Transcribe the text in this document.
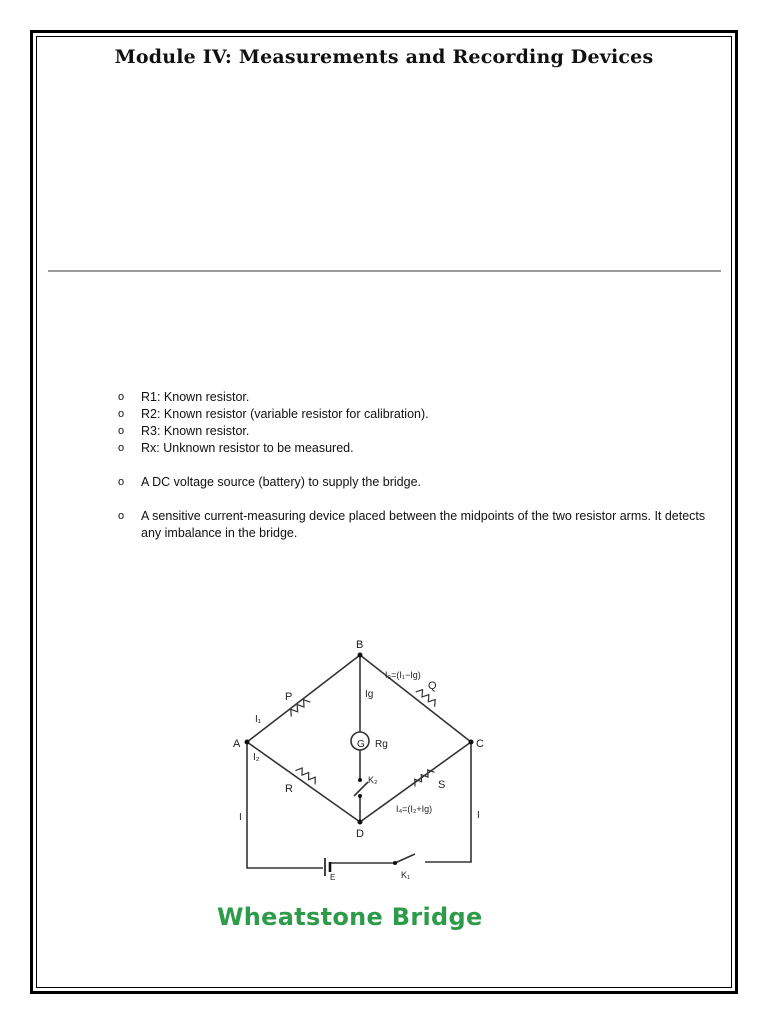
Module IV: Measurements and Recording Devices
o R1: Known resistor.
o R2: Known resistor (variable resistor for calibration).
o R3: Known resistor.
o Rx: Unknown resistor to be measured.
o A DC voltage source (battery) to supply the bridge.
o A sensitive current-measuring device placed between the midpoints of the two resistor arms. It detects any imbalance in the bridge.
A
B
C
D
P
Q
R	S
G Rg
I₁
I₂
Ig
I₃=(I₁−Ig)
I₄=(I₂+Ig)
K₂
K₁
E
I	I
Wheatstone Bridge
